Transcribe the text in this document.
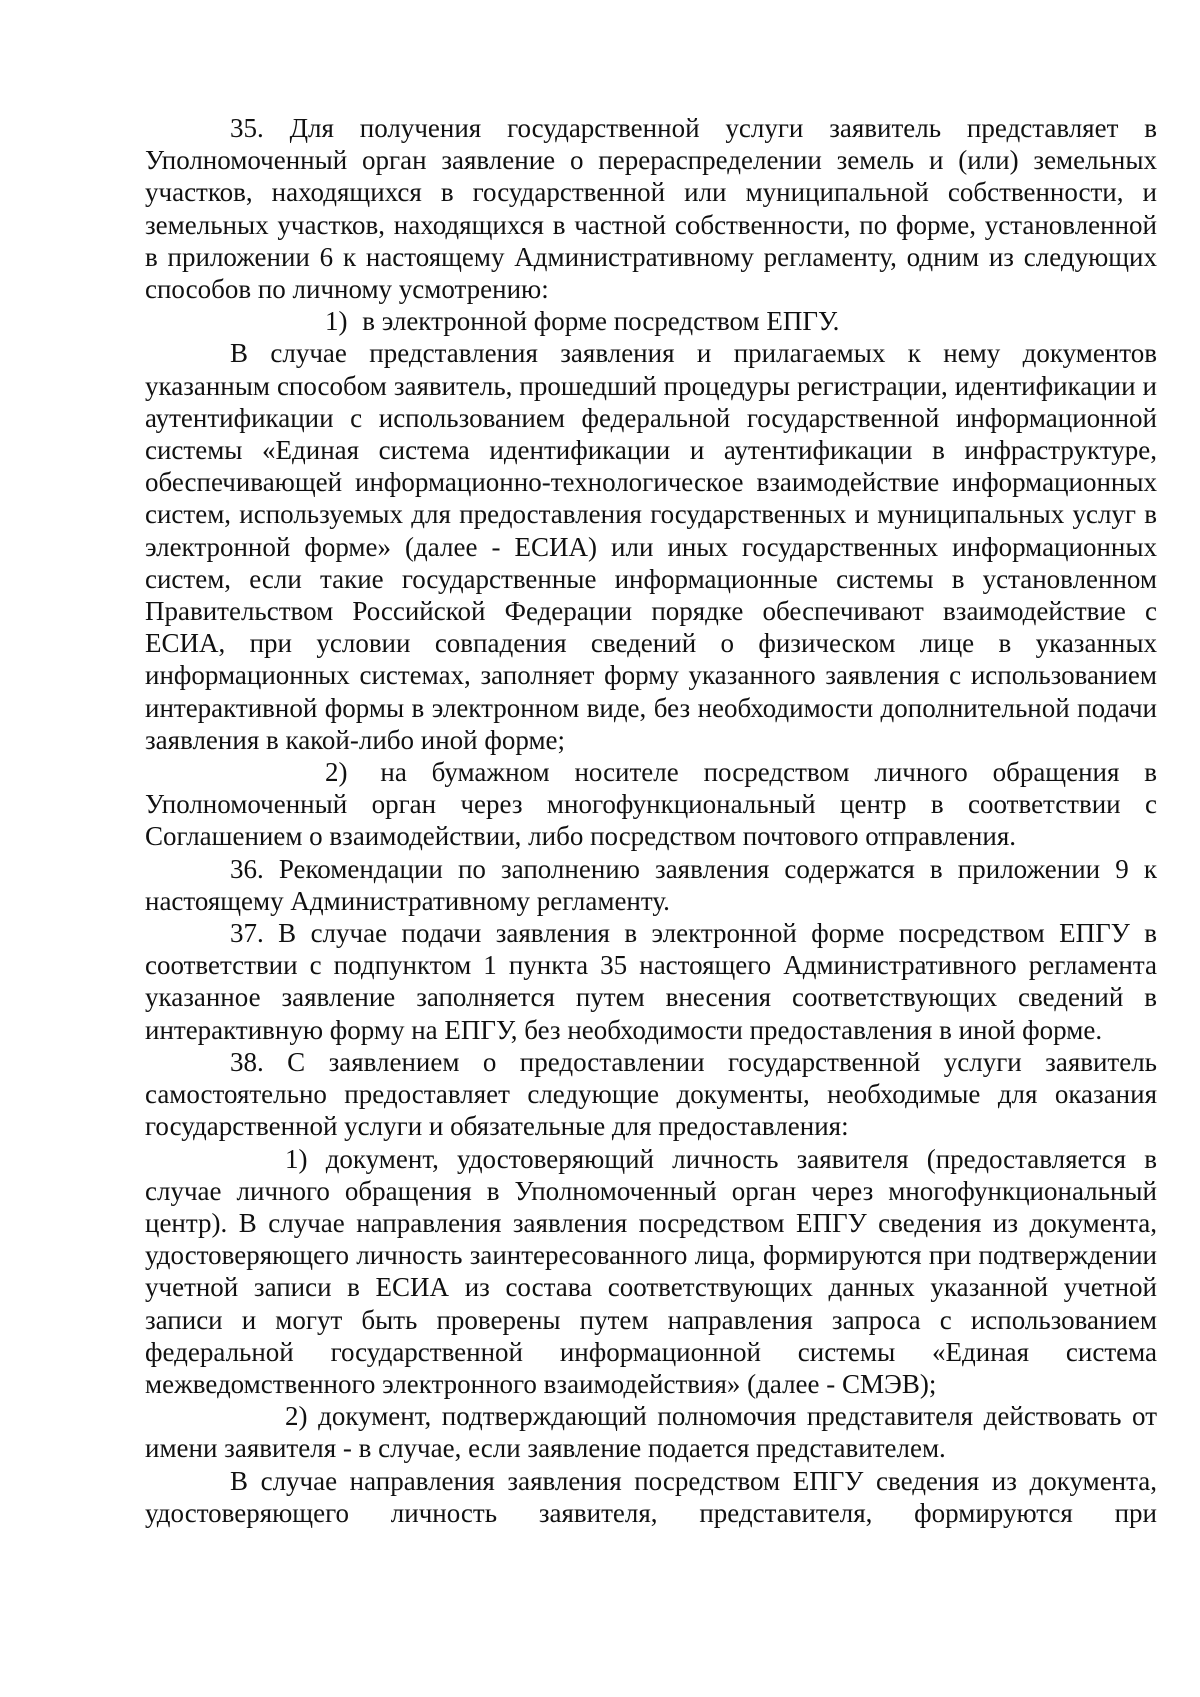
35. Для получения государственной услуги заявитель представляет в Уполномоченный орган заявление о перераспределении земель и (или) земельных участков, находящихся в государственной или муниципальной собственности, и земельных участков, находящихся в частной собственности, по форме, установленной в приложении 6 к настоящему Административному регламенту, одним из следующих способов по личному усмотрению:

1) в электронной форме посредством ЕПГУ.

В случае представления заявления и прилагаемых к нему документов указанным способом заявитель, прошедший процедуры регистрации, идентификации и аутентификации с использованием федеральной государственной информационной системы «Единая система идентификации и аутентификации в инфраструктуре, обеспечивающей информационно-технологическое взаимодействие информационных систем, используемых для предоставления государственных и муниципальных услуг в электронной форме» (далее - ЕСИА) или иных государственных информационных систем, если такие государственные информационные системы в установленном Правительством Российской Федерации порядке обеспечивают взаимодействие с ЕСИА, при условии совпадения сведений о физическом лице в указанных информационных системах, заполняет форму указанного заявления с использованием интерактивной формы в электронном виде, без необходимости дополнительной подачи заявления в какой-либо иной форме;

2) на бумажном носителе посредством личного обращения в Уполномоченный орган через многофункциональный центр в соответствии с Соглашением о взаимодействии, либо посредством почтового отправления.

36. Рекомендации по заполнению заявления содержатся в приложении 9 к настоящему Административному регламенту.

37. В случае подачи заявления в электронной форме посредством ЕПГУ в соответствии с подпунктом 1 пункта 35 настоящего Административного регламента указанное заявление заполняется путем внесения соответствующих сведений в интерактивную форму на ЕПГУ, без необходимости предоставления в иной форме.

38. С заявлением о предоставлении государственной услуги заявитель самостоятельно предоставляет следующие документы, необходимые для оказания государственной услуги и обязательные для предоставления:

1) документ, удостоверяющий личность заявителя (предоставляется в случае личного обращения в Уполномоченный орган через многофункциональный центр). В случае направления заявления посредством ЕПГУ сведения из документа, удостоверяющего личность заинтересованного лица, формируются при подтверждении учетной записи в ЕСИА из состава соответствующих данных указанной учетной записи и могут быть проверены путем направления запроса с использованием федеральной государственной информационной системы «Единая система межведомственного электронного взаимодействия» (далее - СМЭВ);

2) документ, подтверждающий полномочия представителя действовать от имени заявителя - в случае, если заявление подается представителем.

В случае направления заявления посредством ЕПГУ сведения из документа, удостоверяющего личность заявителя, представителя, формируются при
